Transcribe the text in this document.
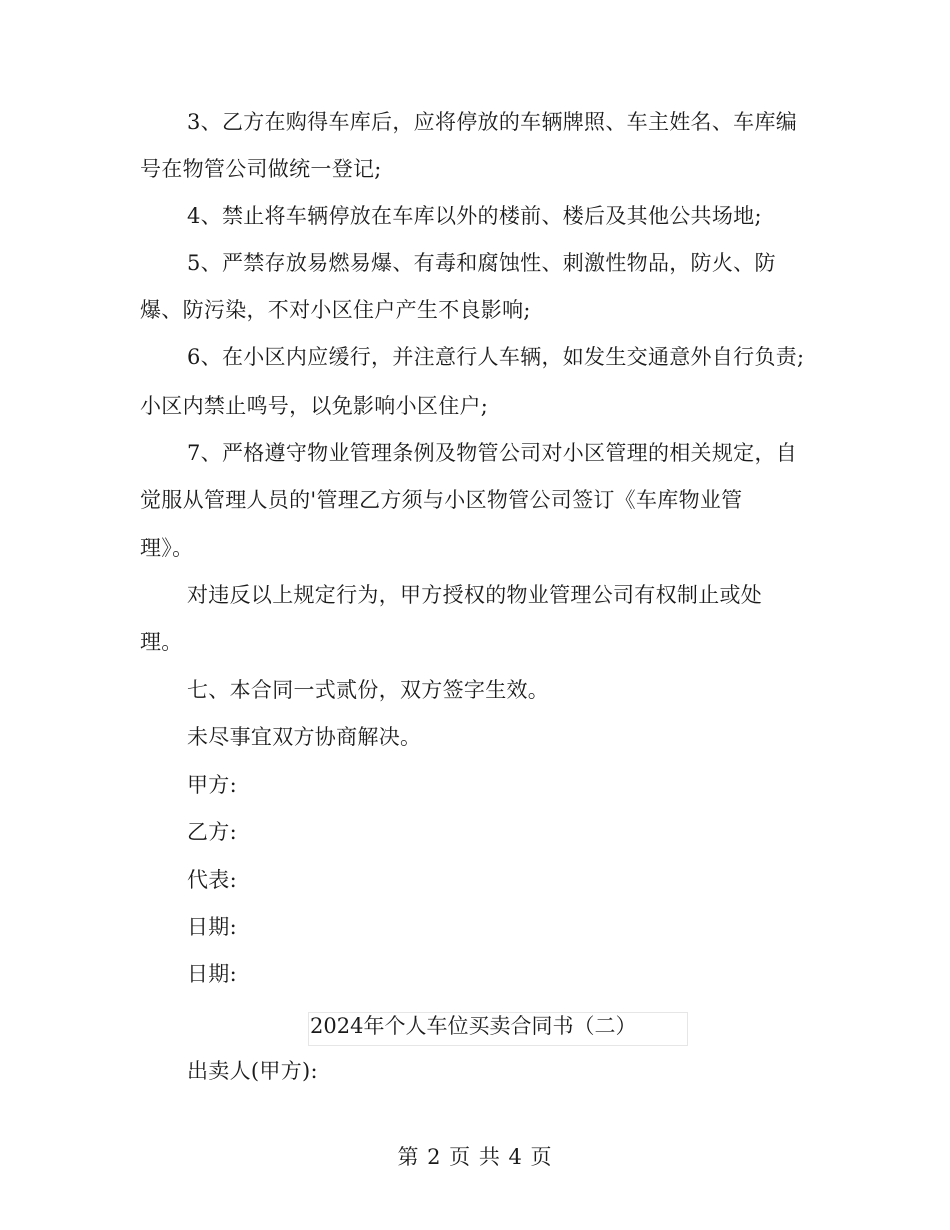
3、乙方在购得车库后，应将停放的车辆牌照、车主姓名、车库编
号在物管公司做统一登记;
4、禁止将车辆停放在车库以外的楼前、楼后及其他公共场地;
5、严禁存放易燃易爆、有毒和腐蚀性、刺激性物品，防火、防
爆、防污染，不对小区住户产生不良影响;
6、在小区内应缓行，并注意行人车辆，如发生交通意外自行负责;
小区内禁止鸣号，以免影响小区住户;
7、严格遵守物业管理条例及物管公司对小区管理的相关规定，自
觉服从管理人员的'管理乙方须与小区物管公司签订《车库物业管
理》。
对违反以上规定行为，甲方授权的物业管理公司有权制止或处
理。
七、本合同一式贰份，双方签字生效。
未尽事宜双方协商解决。
甲方:
乙方:
代表:
日期:
日期:
2024年个人车位买卖合同书（二）
出卖人(甲方):
第 2 页 共 4 页
